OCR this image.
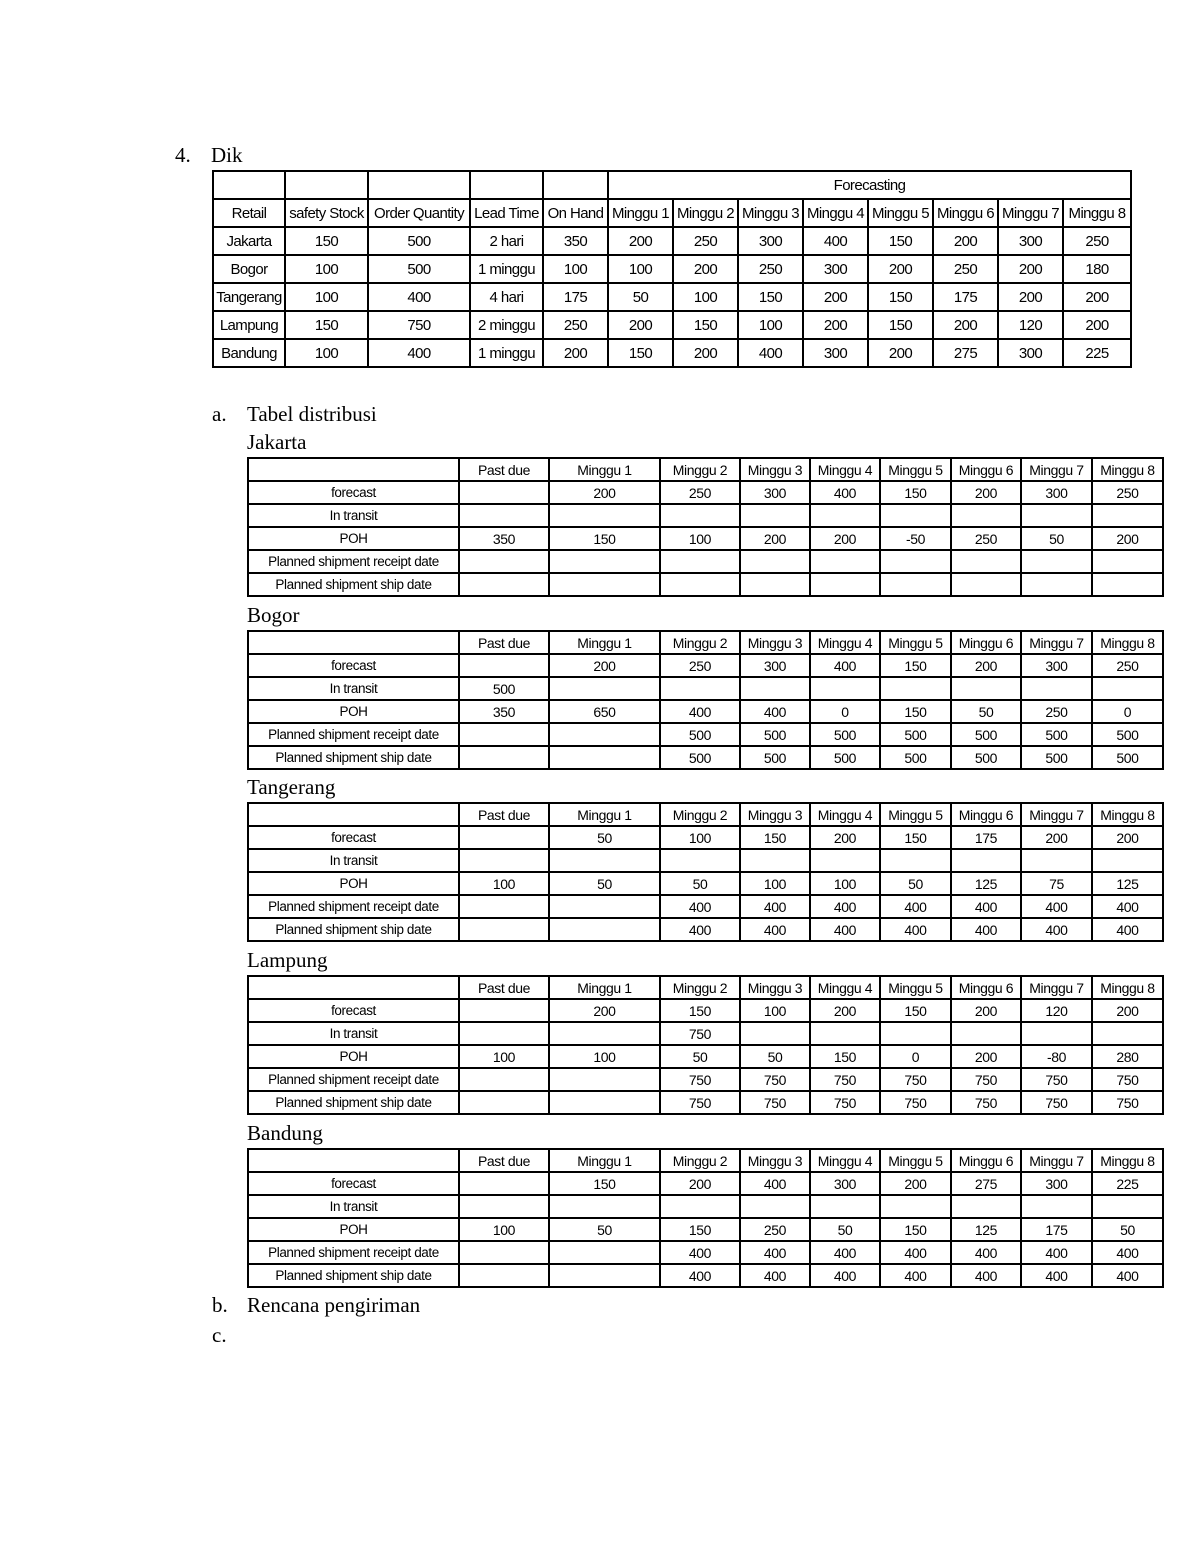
4. Dik
					Forecasting							
Retail	safety Stock	Order Quantity	Lead Time	On Hand	Minggu 1	Minggu 2	Minggu 3	Minggu 4	Minggu 5	Minggu 6	Minggu 7	Minggu 8
Jakarta	150	500	2 hari	350	200	250	300	400	150	200	300	250
Bogor	100	500	1 minggu	100	100	200	250	300	200	250	200	180
Tangerang	100	400	4 hari	175	50	100	150	200	150	175	200	200
Lampung	150	750	2 minggu	250	200	150	100	200	150	200	120	200
Bandung	100	400	1 minggu	200	150	200	400	300	200	275	300	225
a. Tabel distribusi
Jakarta
	Past due	Minggu 1	Minggu 2	Minggu 3	Minggu 4	Minggu 5	Minggu 6	Minggu 7	Minggu 8
forecast		200	250	300	400	150	200	300	250
In transit									
POH	350	150	100	200	200	-50	250	50	200
Planned shipment receipt date									
Planned shipment ship date									
Bogor
	Past due	Minggu 1	Minggu 2	Minggu 3	Minggu 4	Minggu 5	Minggu 6	Minggu 7	Minggu 8
forecast		200	250	300	400	150	200	300	250
In transit	500								
POH	350	650	400	400	0	150	50	250	0
Planned shipment receipt date			500	500	500	500	500	500	500
Planned shipment ship date			500	500	500	500	500	500	500
Tangerang
	Past due	Minggu 1	Minggu 2	Minggu 3	Minggu 4	Minggu 5	Minggu 6	Minggu 7	Minggu 8
forecast		50	100	150	200	150	175	200	200
In transit									
POH	100	50	50	100	100	50	125	75	125
Planned shipment receipt date			400	400	400	400	400	400	400
Planned shipment ship date			400	400	400	400	400	400	400
Lampung
	Past due	Minggu 1	Minggu 2	Minggu 3	Minggu 4	Minggu 5	Minggu 6	Minggu 7	Minggu 8
forecast		200	150	100	200	150	200	120	200
In transit			750						
POH	100	100	50	50	150	0	200	-80	280
Planned shipment receipt date			750	750	750	750	750	750	750
Planned shipment ship date			750	750	750	750	750	750	750
Bandung
	Past due	Minggu 1	Minggu 2	Minggu 3	Minggu 4	Minggu 5	Minggu 6	Minggu 7	Minggu 8
forecast		150	200	400	300	200	275	300	225
In transit									
POH	100	50	150	250	50	150	125	175	50
Planned shipment receipt date			400	400	400	400	400	400	400
Planned shipment ship date			400	400	400	400	400	400	400
b. Rencana pengiriman
c.
